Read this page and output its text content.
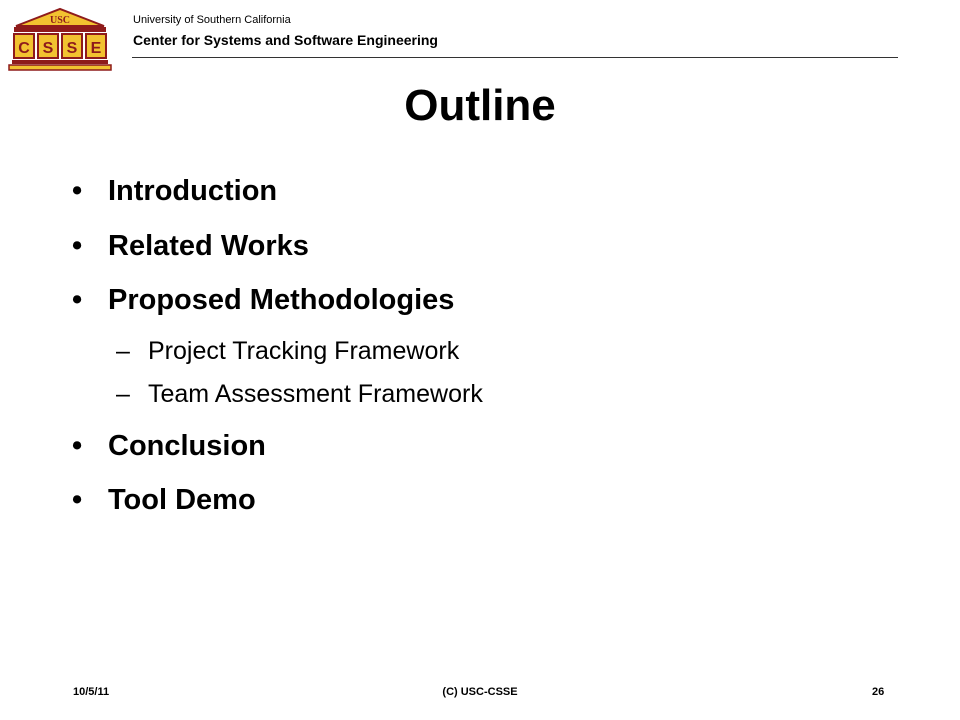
USC
C S S E
University of Southern California
Center for Systems and Software Engineering
Outline
• Introduction
• Related Works
• Proposed Methodologies
– Project Tracking Framework
– Team Assessment Framework
• Conclusion
• Tool Demo
10/5/11	(C) USC-CSSE	26
